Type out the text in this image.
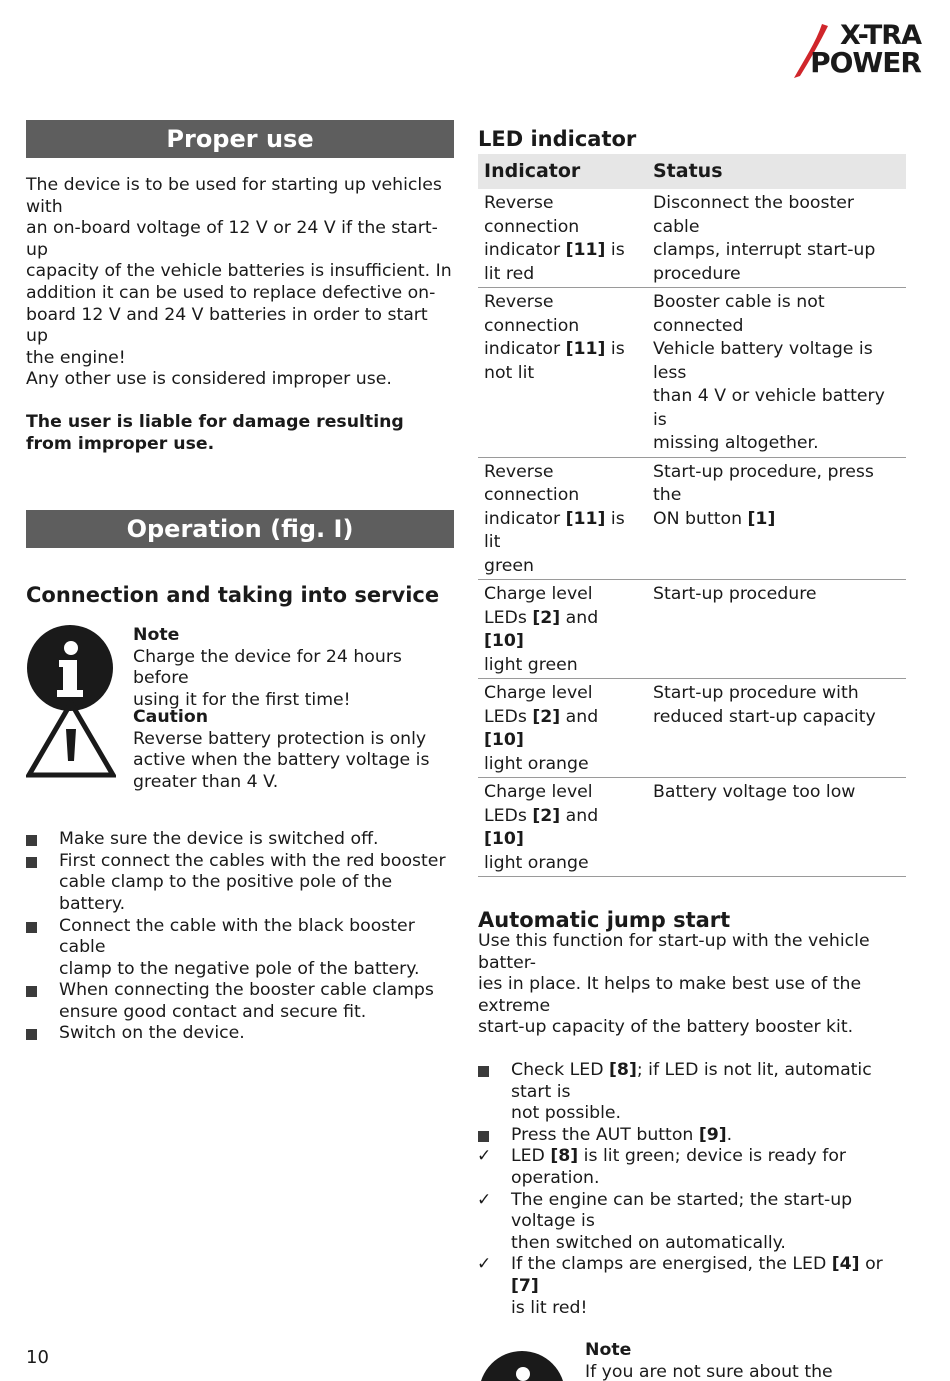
X-TRA
POWER
Proper use

The device is to be used for starting up vehicles with

an on-board voltage of 12 V or 24 V if the start-up

capacity of the vehicle batteries is insufficient. In

addition it can be used to replace defective on-

board 12 V and 24 V batteries in order to start up

the engine!

Any other use is considered improper use.

The user is liable for damage resulting

from improper use.

Operation (fig. I)
Connection and taking into service
Note

Charge the device for 24 hours before

using it for the first time!

Caution

Reverse battery protection is only

active when the battery voltage is

greater than 4 V.

Make sure the device is switched off.
First connect the cables with the red booster
cable clamp to the positive pole of the battery.
Connect the cable with the black booster cable
clamp to the negative pole of the battery.
When connecting the booster cable clamps
ensure good contact and secure fit.
Switch on the device.
LED indicator
Indicator	Status
Reverse connection
indicator [11] is
lit red	Disconnect the booster cable
clamps, interrupt start-up
procedure
Reverse connection
indicator [11] is
not lit	Booster cable is not connected
Vehicle battery voltage is less
than 4 V or vehicle battery is
missing altogether.
Reverse connection
indicator [11] is lit
green	Start-up procedure, press the
ON button [1]
Charge level
LEDs [2] and [10]
light green	Start-up procedure
Charge level
LEDs [2] and [10]
light orange	Start-up procedure with
reduced start-up capacity
Charge level
LEDs [2] and [10]
light orange	Battery voltage too low
Automatic jump start

Use this function for start-up with the vehicle batter-

ies in place. It helps to make best use of the extreme

start-up capacity of the battery booster kit.

Check LED [8]; if LED is not lit, automatic start is
not possible.
Press the AUT button [9].
✓ LED [8] is lit green; device is ready for operation.
✓ The engine can be started; the start-up voltage is
then switched on automatically.
✓ If the clamps are energised, the LED [4] or [7]
is lit red!
Note

If you are not sure about the

10
